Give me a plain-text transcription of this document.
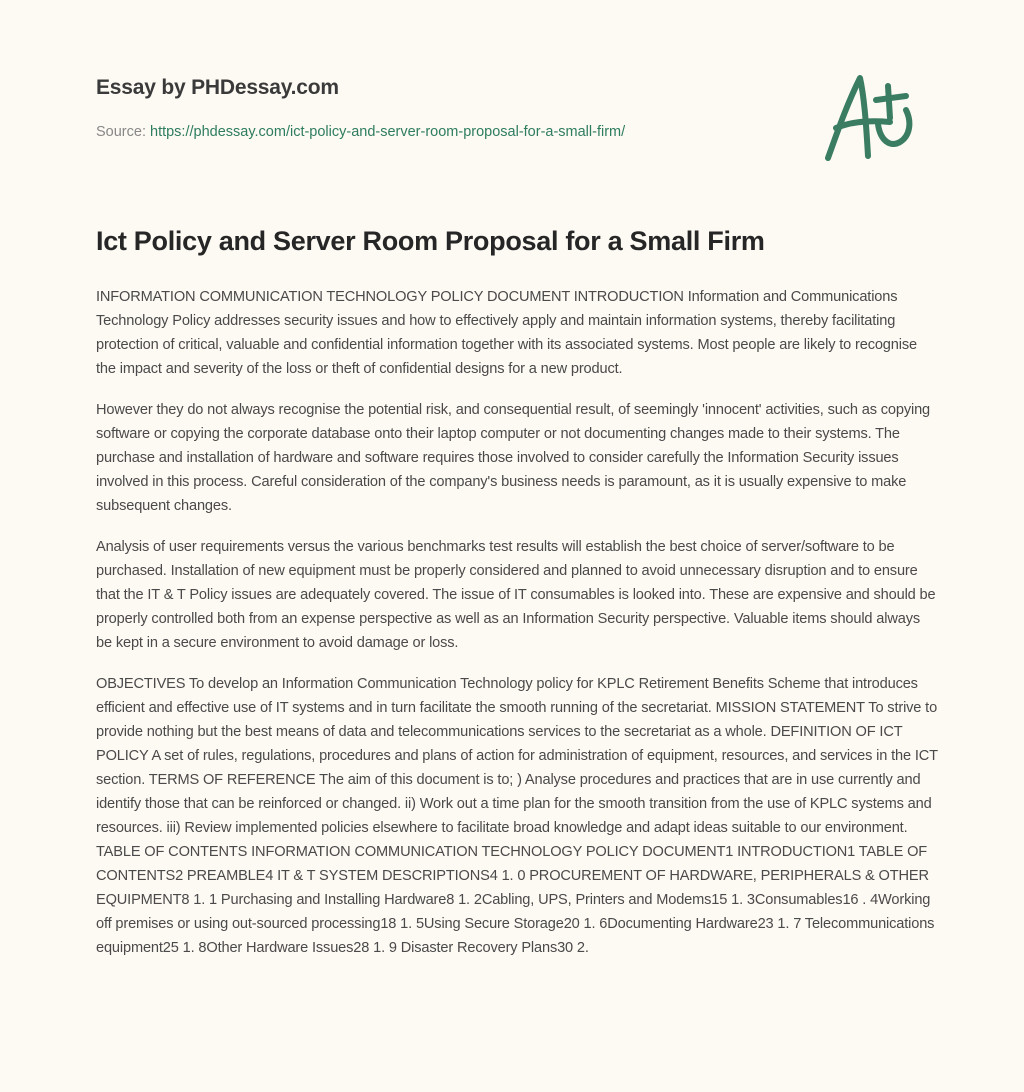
Essay by PHDessay.com
Source: https://phdessay.com/ict-policy-and-server-room-proposal-for-a-small-firm/
Ict Policy and Server Room Proposal for a Small Firm

INFORMATION COMMUNICATION TECHNOLOGY POLICY DOCUMENT INTRODUCTION Information and Communications Technology Policy addresses security issues and how to effectively apply and maintain information systems, thereby facilitating protection of critical, valuable and confidential information together with its associated systems. Most people are likely to recognise the impact and severity of the loss or theft of confidential designs for a new product.

However they do not always recognise the potential risk, and consequential result, of seemingly 'innocent' activities, such as copying software or copying the corporate database onto their laptop computer or not documenting changes made to their systems. The purchase and installation of hardware and software requires those involved to consider carefully the Information Security issues involved in this process. Careful consideration of the company's business needs is paramount, as it is usually expensive to make subsequent changes.

Analysis of user requirements versus the various benchmarks test results will establish the best choice of server/software to be purchased. Installation of new equipment must be properly considered and planned to avoid unnecessary disruption and to ensure that the IT & T Policy issues are adequately covered. The issue of IT consumables is looked into. These are expensive and should be properly controlled both from an expense perspective as well as an Information Security perspective. Valuable items should always be kept in a secure environment to avoid damage or loss.

OBJECTIVES To develop an Information Communication Technology policy for KPLC Retirement Benefits Scheme that introduces efficient and effective use of IT systems and in turn facilitate the smooth running of the secretariat. MISSION STATEMENT To strive to provide nothing but the best means of data and telecommunications services to the secretariat as a whole. DEFINITION OF ICT POLICY A set of rules, regulations, procedures and plans of action for administration of equipment, resources, and services in the ICT section. TERMS OF REFERENCE The aim of this document is to; ) Analyse procedures and practices that are in use currently and identify those that can be reinforced or changed. ii) Work out a time plan for the smooth transition from the use of KPLC systems and resources. iii) Review implemented policies elsewhere to facilitate broad knowledge and adapt ideas suitable to our environment. TABLE OF CONTENTS INFORMATION COMMUNICATION TECHNOLOGY POLICY DOCUMENT1 INTRODUCTION1 TABLE OF CONTENTS2 PREAMBLE4 IT & T SYSTEM DESCRIPTIONS4 1. 0 PROCUREMENT OF HARDWARE, PERIPHERALS & OTHER EQUIPMENT8 1. 1 Purchasing and Installing Hardware8 1. 2Cabling, UPS, Printers and Modems15 1. 3Consumables16 . 4Working off premises or using out-sourced processing18 1. 5Using Secure Storage20 1. 6Documenting Hardware23 1. 7 Telecommunications equipment25 1. 8Other Hardware Issues28 1. 9 Disaster Recovery Plans30 2.
